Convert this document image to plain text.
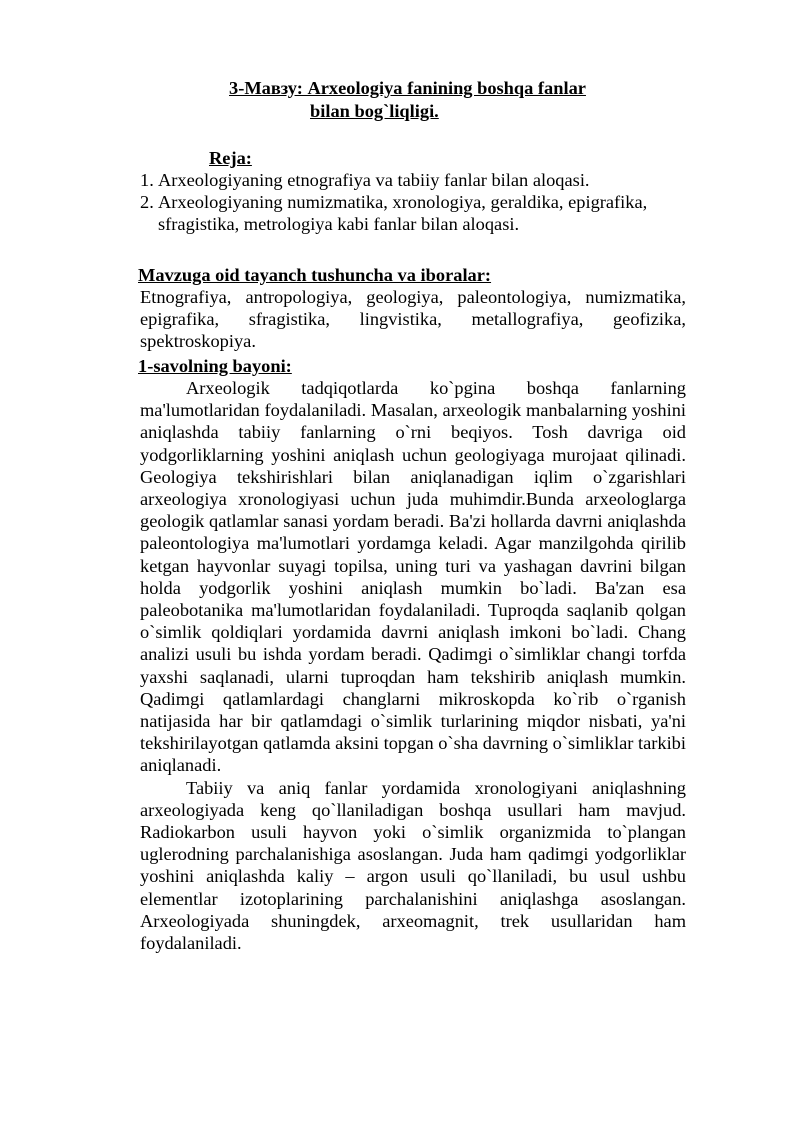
3-Мавзу: Arxeologiya fanining boshqa fanlar
bilan bog`liqligi.
Reja:
1. Arxeologiyaning etnografiya va tabiiy fanlar bilan aloqasi.
2. Arxeologiyaning numizmatika, xronologiya, geraldika, epigrafika, sfragistika, metrologiya kabi fanlar bilan aloqasi.
Mavzuga oid tayanch tushuncha va iboralar:

Etnografiya, antropologiya, geologiya, paleontologiya, numizmatika, epigrafika, sfragistika, lingvistika, metallografiya, geofizika, spektroskopiya.

1-savolning bayoni:

Arxeologik tadqiqotlarda ko`pgina boshqa fanlarning ma'lumotlaridan foydalaniladi. Masalan, arxeologik manbalarning yoshini aniqlashda tabiiy fanlarning o`rni beqiyos. Tosh davriga oid yodgorliklarning yoshini aniqlash uchun geologiyaga murojaat qilinadi. Geologiya tekshirishlari bilan aniqlanadigan iqlim o`zgarishlari arxeologiya xronologiyasi uchun juda muhimdir.Bunda arxeologlarga geologik qatlamlar sanasi yordam beradi. Ba'zi hollarda davrni aniqlashda paleontologiya ma'lumotlari yordamga keladi. Agar manzilgohda qirilib ketgan hayvonlar suyagi topilsa, uning turi va yashagan davrini bilgan holda yodgorlik yoshini aniqlash mumkin bo`ladi. Ba'zan esa paleobotanika ma'lumotlaridan foydalaniladi. Tuproqda saqlanib qolgan o`simlik qoldiqlari yordamida davrni aniqlash imkoni bo`ladi. Chang analizi usuli bu ishda yordam beradi. Qadimgi o`simliklar changi torfda yaxshi saqlanadi, ularni tuproqdan ham tekshirib aniqlash mumkin. Qadimgi qatlamlardagi changlarni mikroskopda ko`rib o`rganish natijasida har bir qatlamdagi o`simlik turlarining miqdor nisbati, ya'ni tekshirilayotgan qatlamda aksini topgan o`sha davrning o`simliklar tarkibi aniqlanadi.

Tabiiy va aniq fanlar yordamida xronologiyani aniqlashning arxeologiyada keng qo`llaniladigan boshqa usullari ham mavjud. Radiokarbon usuli hayvon yoki o`simlik organizmida to`plangan uglerodning parchalanishiga asoslangan. Juda ham qadimgi yodgorliklar yoshini aniqlashda kaliy – argon usuli qo`llaniladi, bu usul ushbu elementlar izotoplarining parchalanishini aniqlashga asoslangan. Arxeologiyada shuningdek, arxeomagnit, trek usullaridan ham foydalaniladi.
